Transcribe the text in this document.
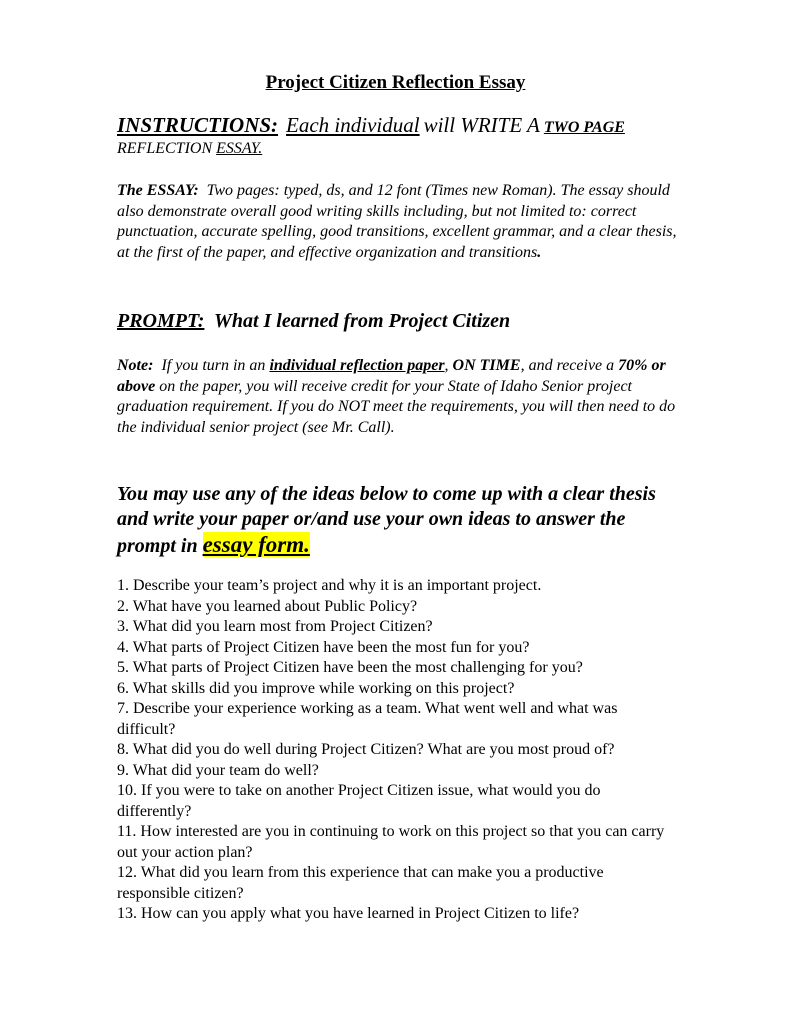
Project Citizen Reflection Essay
INSTRUCTIONS: Each individual will WRITE A TWO PAGE
REFLECTION ESSAY.
The ESSAY: Two pages: typed, ds, and 12 font (Times new Roman). The essay should also demonstrate overall good writing skills including, but not limited to: correct punctuation, accurate spelling, good transitions, excellent grammar, and a clear thesis, at the first of the paper, and effective organization and transitions.
PROMPT: What I learned from Project Citizen
Note: If you turn in an individual reflection paper, ON TIME, and receive a 70% or above on the paper, you will receive credit for your State of Idaho Senior project graduation requirement. If you do NOT meet the requirements, you will then need to do the individual senior project (see Mr. Call).
You may use any of the ideas below to come up with a clear thesis and write your paper or/and use your own ideas to answer the prompt in essay form.
1. Describe your team’s project and why it is an important project.
2. What have you learned about Public Policy?
3. What did you learn most from Project Citizen?
4. What parts of Project Citizen have been the most fun for you?
5. What parts of Project Citizen have been the most challenging for you?
6. What skills did you improve while working on this project?
7. Describe your experience working as a team. What went well and what was difficult?
8. What did you do well during Project Citizen? What are you most proud of?
9. What did your team do well?
10. If you were to take on another Project Citizen issue, what would you do differently?
11. How interested are you in continuing to work on this project so that you can carry out your action plan?
12. What did you learn from this experience that can make you a productive responsible citizen?
13. How can you apply what you have learned in Project Citizen to life?
